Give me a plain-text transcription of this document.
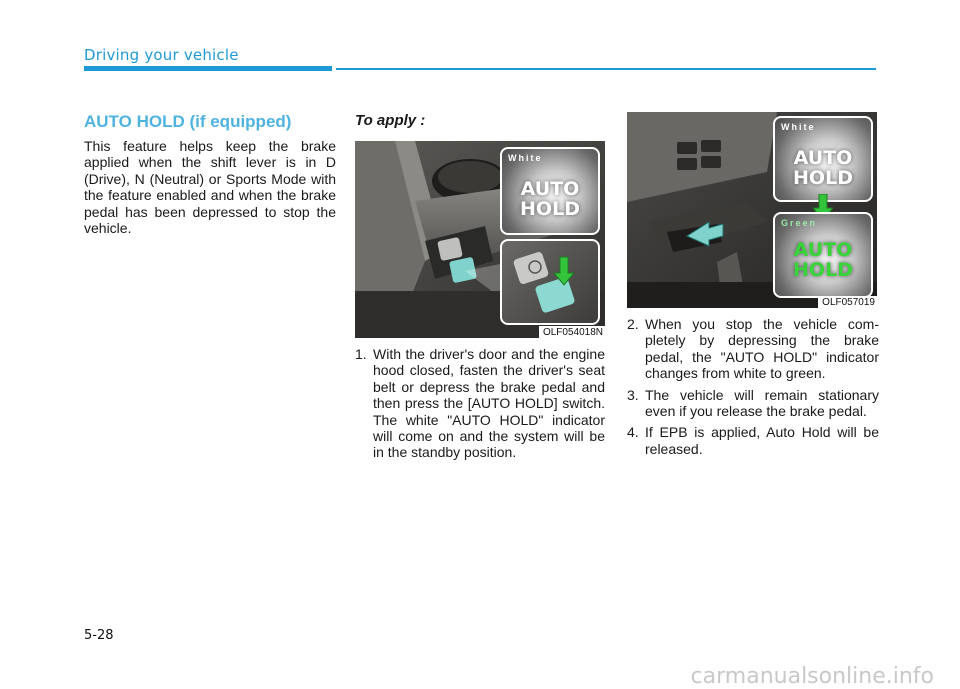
Driving your vehicle
AUTO HOLD (if equipped)
This feature helps keep the brake applied when the shift lever is in D (Drive), N (Neutral) or Sports Mode with the feature enabled and when the brake pedal has been depressed to stop the vehicle.
To apply :
White
AUTO
HOLD
OLF054018N
1. With the driver's door and the engine hood closed, fasten the driver's seat belt or depress the brake pedal and then press the [AUTO HOLD] switch. The white "AUTO HOLD" indicator will come on and the system will be in the standby position.
White
AUTO
HOLD
Green
AUTO
HOLD
OLF057019
2. When you stop the vehicle com-pletely by depressing the brake pedal, the "AUTO HOLD" indicator changes from white to green.
3. The vehicle will remain stationary even if you release the brake pedal.
4. If EPB is applied, Auto Hold will be released.
5-28
carmanualsonline.info
